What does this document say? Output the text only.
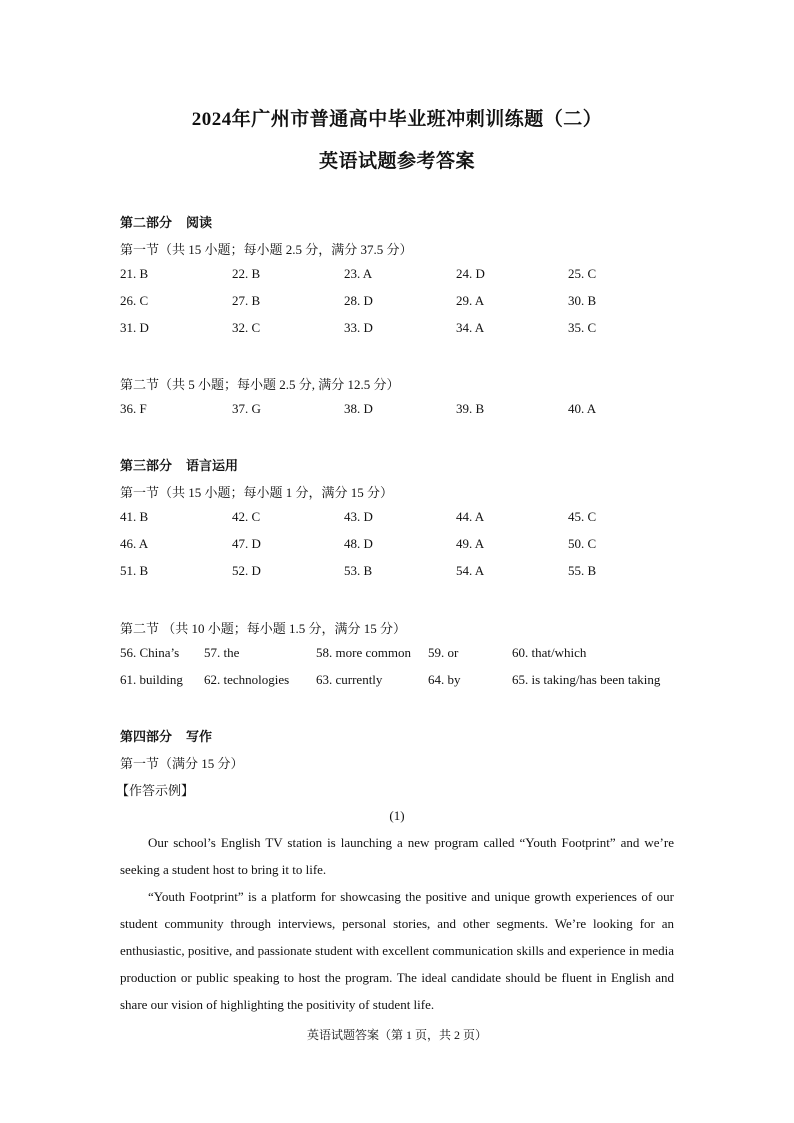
2024年广州市普通高中毕业班冲刺训练题（二）
英语试题参考答案
第二部分 阅读
第一节（共 15 小题；每小题 2.5 分，满分 37.5 分）
21. B	22. B	23. A	24. D	25. C
26. C	27. B	28. D	29. A	30. B
31. D	32. C	33. D	34. A	35. C
第二节（共 5 小题；每小题 2.5 分, 满分 12.5 分）
36. F	37. G	38. D	39. B	40. A
第三部分 语言运用
第一节（共 15 小题；每小题 1 分，满分 15 分）
41. B	42. C	43. D	44. A	45. C
46. A	47. D	48. D	49. A	50. C
51. B	52. D	53. B	54. A	55. B
第二节 （共 10 小题；每小题 1.5 分，满分 15 分）
56. China’s 57. the	58. more common 59. or	60. that/which
61. building 62. technologies 63. currently	64. by	65. is taking/has been taking
第四部分 写作
第一节（满分 15 分）
【作答示例】
(1)

Our school’s English TV station is launching a new program called “Youth Footprint” and we’re seeking a student host to bring it to life.

“Youth Footprint” is a platform for showcasing the positive and unique growth experiences of our student community through interviews, personal stories, and other segments. We’re looking for an enthusiastic, positive, and passionate student with excellent communication skills and experience in media production or public speaking to host the program. The ideal candidate should be fluent in English and share our vision of highlighting the positivity of student life.

英语试题答案（第 1 页，共 2 页）
